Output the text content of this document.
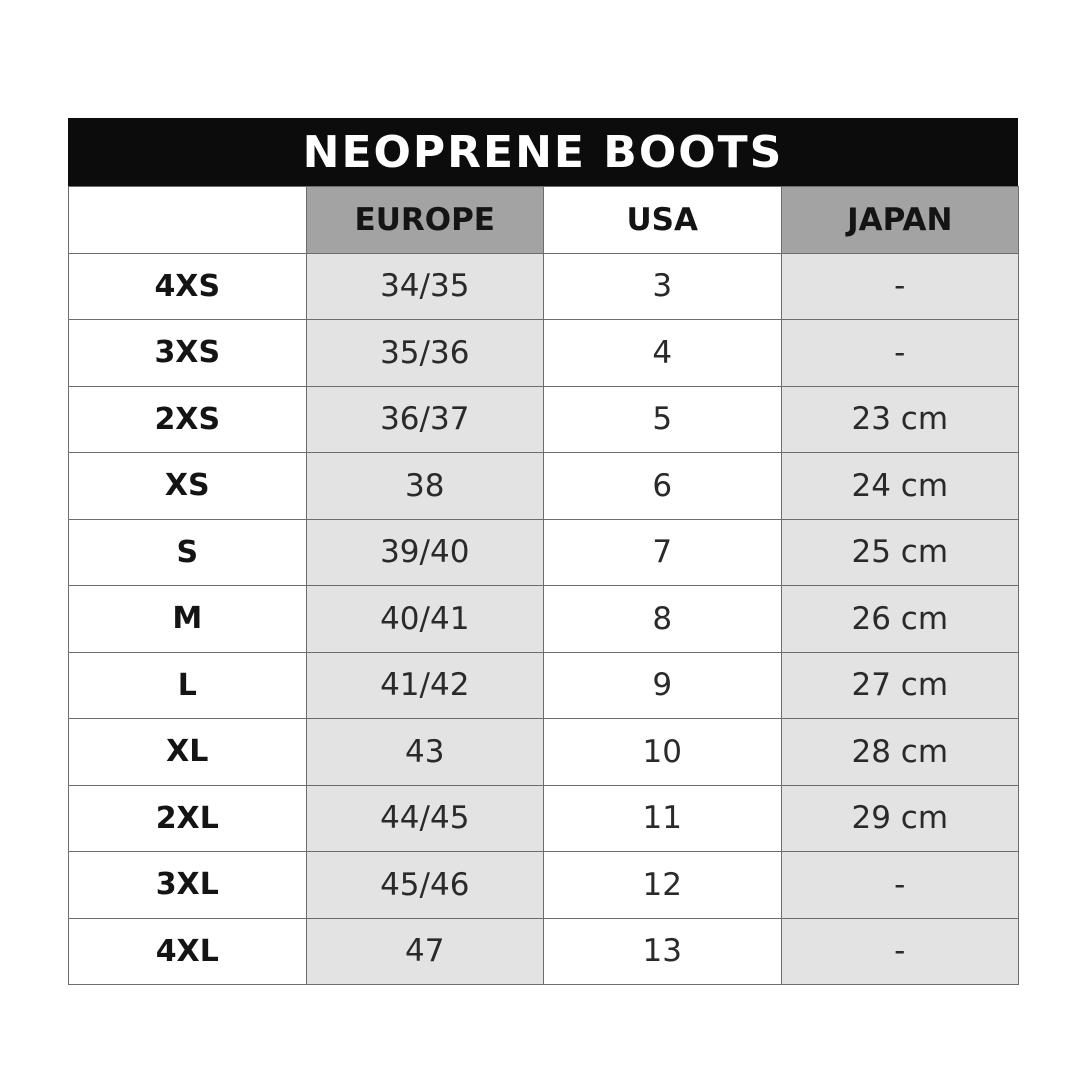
NEOPRENE BOOTS
	EUROPE	USA	JAPAN
4XS	34/35	3	-
3XS	35/36	4	-
2XS	36/37	5	23 cm
XS	38	6	24 cm
S	39/40	7	25 cm
M	40/41	8	26 cm
L	41/42	9	27 cm
XL	43	10	28 cm
2XL	44/45	11	29 cm
3XL	45/46	12	-
4XL	47	13	-
